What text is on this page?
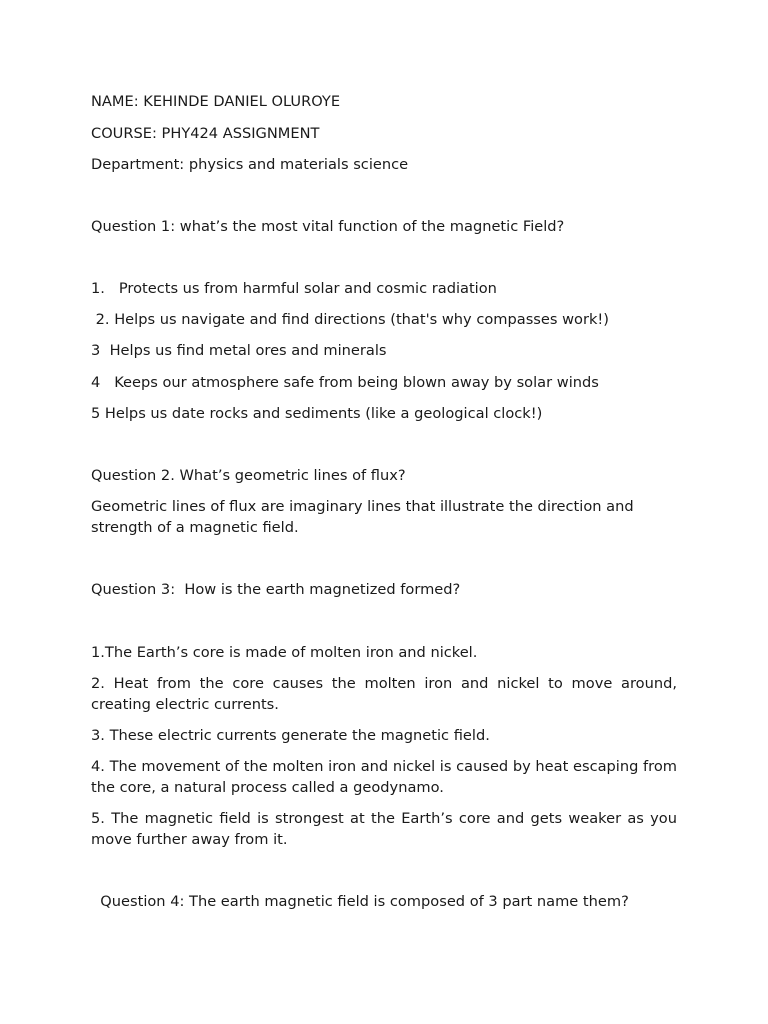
NAME: KEHINDE DANIEL OLUROYE

COURSE: PHY424 ASSIGNMENT

Department: physics and materials science

Question 1: what’s the most vital function of the magnetic Field?

1.   Protects us from harmful solar and cosmic radiation

2. Helps us navigate and find directions (that's why compasses work!)

3  Helps us find metal ores and minerals

4   Keeps our atmosphere safe from being blown away by solar winds

5 Helps us date rocks and sediments (like a geological clock!)

Question 2. What’s geometric lines of flux?

Geometric lines of flux are imaginary lines that illustrate the direction and strength of a magnetic field.

Question 3:  How is the earth magnetized formed?

1.The Earth’s core is made of molten iron and nickel.

2. Heat from the core causes the molten iron and nickel to move around, creating electric currents.

3. These electric currents generate the magnetic field.

4. The movement of the molten iron and nickel is caused by heat escaping from the core, a natural process called a geodynamo.

5. The magnetic field is strongest at the Earth’s core and gets weaker as you move further away from it.

Question 4: The earth magnetic field is composed of 3 part name them?
